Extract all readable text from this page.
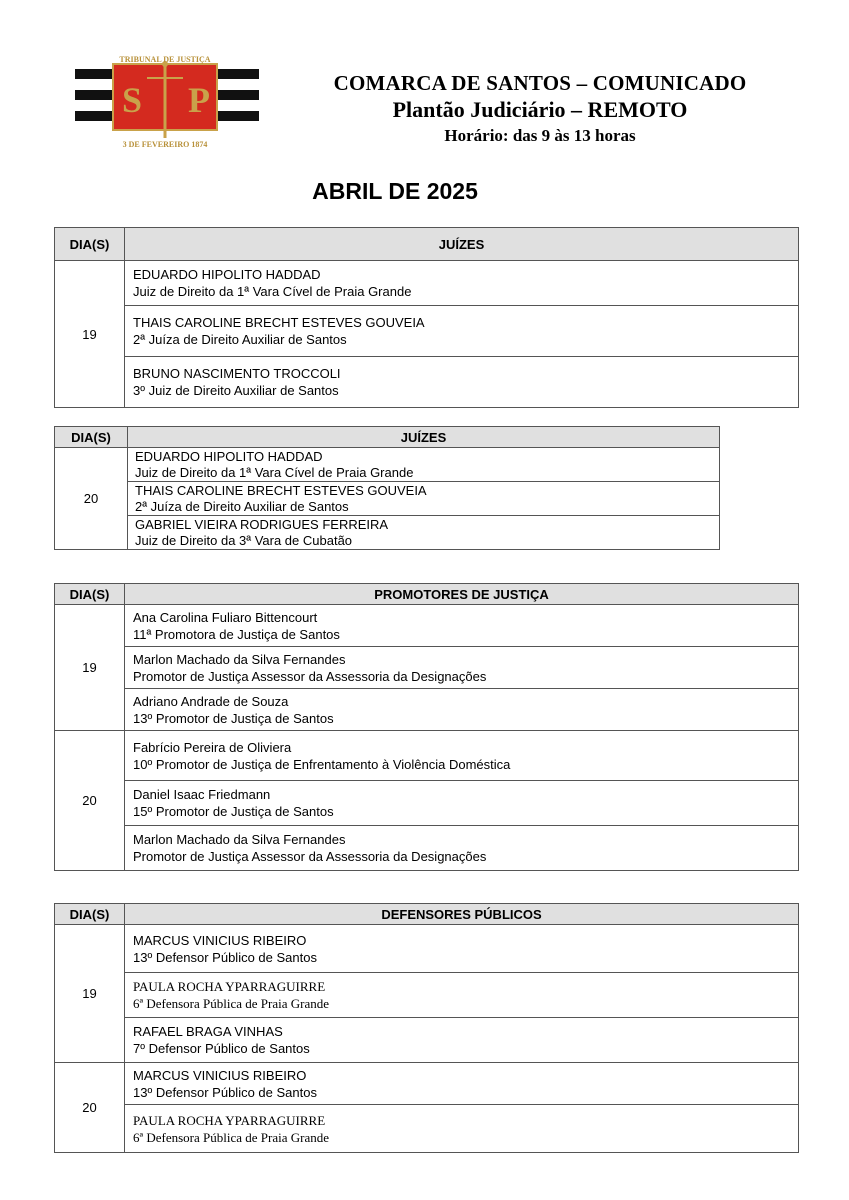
S P
TRIBUNAL DE JUSTIÇA
3 DE FEVEREIRO 1874
COMARCA DE SANTOS – COMUNICADO
Plantão Judiciário – REMOTO
Horário: das 9 às 13 horas
ABRIL DE 2025
DIA(S)	JUÍZES
19	EDUARDO HIPOLITO HADDAD
Juiz de Direito da 1ª Vara Cível de Praia Grande

	THAIS CAROLINE BRECHT ESTEVES GOUVEIA
2ª Juíza de Direito Auxiliar de Santos

	BRUNO NASCIMENTO TROCCOLI
3º Juiz de Direito Auxiliar de Santos
DIA(S)	JUÍZES
20	EDUARDO HIPOLITO HADDAD
Juiz de Direito da 1ª Vara Cível de Praia Grande

	THAIS CAROLINE BRECHT ESTEVES GOUVEIA
2ª Juíza de Direito Auxiliar de Santos

	GABRIEL VIEIRA RODRIGUES FERREIRA
Juiz de Direito da 3ª Vara de Cubatão
DIA(S)	PROMOTORES DE JUSTIÇA
19	Ana Carolina Fuliaro Bittencourt
11ª Promotora de Justiça de Santos

	Marlon Machado da Silva Fernandes
Promotor de Justiça Assessor da Assessoria da Designações

	Adriano Andrade de Souza
13º Promotor de Justiça de Santos

20	Fabrício Pereira de Oliviera
10º Promotor de Justiça de Enfrentamento à Violência Doméstica

	Daniel Isaac Friedmann
15º Promotor de Justiça de Santos

	Marlon Machado da Silva Fernandes
Promotor de Justiça Assessor da Assessoria da Designações
DIA(S)	DEFENSORES PÚBLICOS
19	MARCUS VINICIUS RIBEIRO
13º Defensor Público de Santos

	PAULA ROCHA YPARRAGUIRRE
6ª Defensora Pública de Praia Grande

	RAFAEL BRAGA VINHAS
7º Defensor Público de Santos

20	MARCUS VINICIUS RIBEIRO
13º Defensor Público de Santos

	PAULA ROCHA YPARRAGUIRRE
6ª Defensora Pública de Praia Grande
